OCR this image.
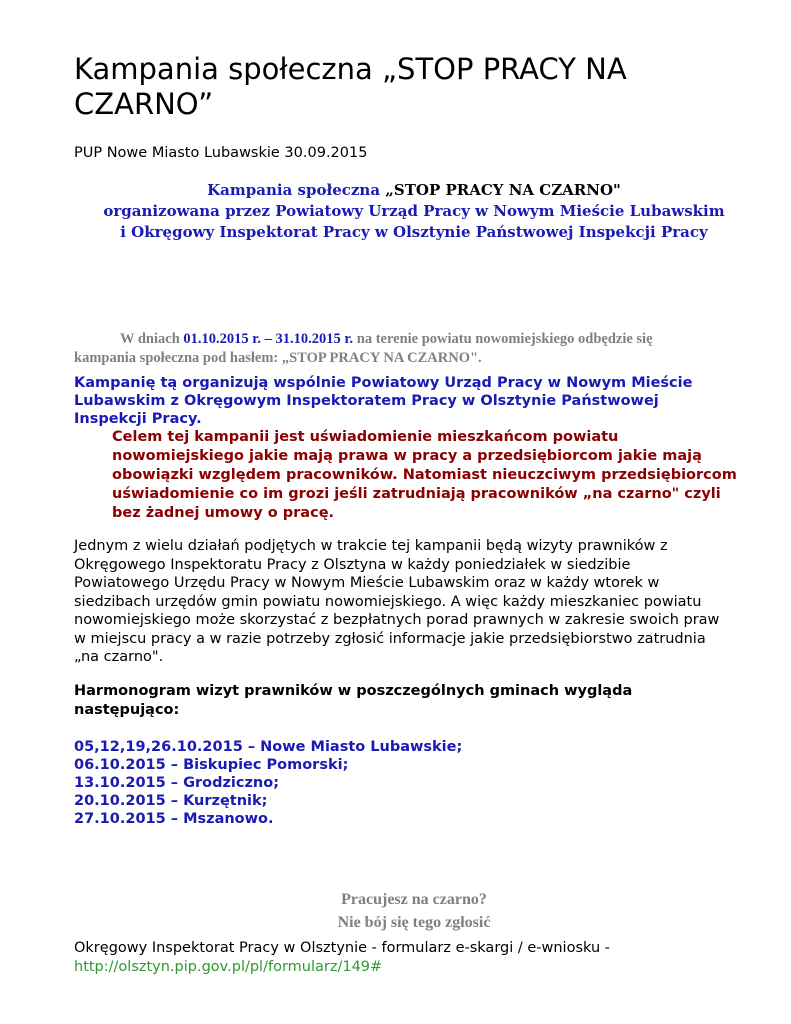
Kampania społeczna „STOP PRACY NA CZARNO”
PUP Nowe Miasto Lubawskie 30.09.2015
Kampania społeczna „STOP PRACY NA CZARNO"
organizowana przez Powiatowy Urząd Pracy w Nowym Mieście Lubawskim
i Okręgowy Inspektorat Pracy w Olsztynie Państwowej Inspekcji Pracy
W dniach 01.10.2015 r. – 31.10.2015 r. na terenie powiatu nowomiejskiego odbędzie się kampania społeczna pod hasłem: „STOP PRACY NA CZARNO".
Kampanię tą organizują wspólnie Powiatowy Urząd Pracy w Nowym Mieście Lubawskim z Okręgowym Inspektoratem Pracy w Olsztynie Państwowej Inspekcji Pracy.
Celem tej kampanii jest uświadomienie mieszkańcom powiatu nowomiejskiego jakie mają prawa w pracy a przedsiębiorcom jakie mają obowiązki względem pracowników. Natomiast nieuczciwym przedsiębiorcom uświadomienie co im grozi jeśli zatrudniają pracowników „na czarno" czyli bez żadnej umowy o pracę.
Jednym z wielu działań podjętych w trakcie tej kampanii będą wizyty prawników z Okręgowego Inspektoratu Pracy z Olsztyna w każdy poniedziałek w siedzibie Powiatowego Urzędu Pracy w Nowym Mieście Lubawskim oraz w każdy wtorek w siedzibach urzędów gmin powiatu nowomiejskiego. A więc każdy mieszkaniec powiatu nowomiejskiego może skorzystać z bezpłatnych porad prawnych w zakresie swoich praw w miejscu pracy a w razie potrzeby zgłosić informacje jakie przedsiębiorstwo zatrudnia „na czarno".
Harmonogram wizyt prawników w poszczególnych gminach wygląda następująco:
05,12,19,26.10.2015 – Nowe Miasto Lubawskie;
06.10.2015 – Biskupiec Pomorski;
13.10.2015 – Grodziczno;
20.10.2015 – Kurzętnik;
27.10.2015 – Mszanowo.
Pracujesz na czarno?
Nie bój się tego zgłosić
Okręgowy Inspektorat Pracy w Olsztynie - formularz e-skargi / e-wniosku - http://olsztyn.pip.gov.pl/pl/formularz/149#
